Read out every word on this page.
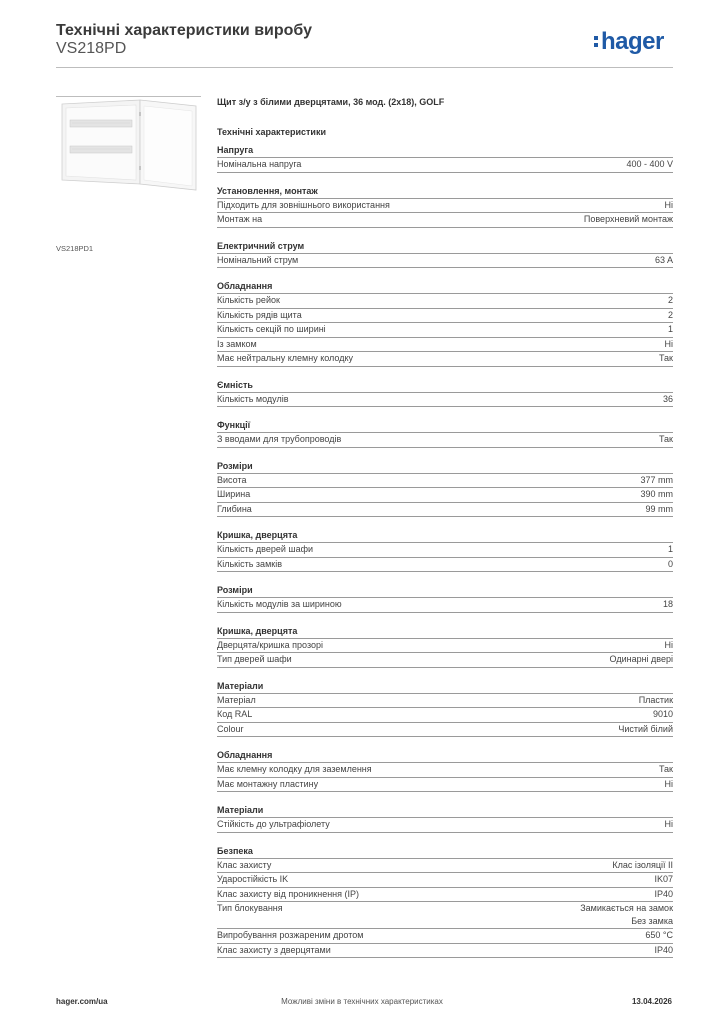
Технічні характеристики виробу
VS218PD	hager
VS218PD1
Щит з/у з білими дверцятами, 36 мод. (2х18), GOLF
Технічні характеристики
Напруга
Номінальна напруга	400 - 400 V
Установлення, монтаж
Підходить для зовнішнього використання	Ні
Монтаж на	Поверхневий монтаж
Електричний струм
Номінальний струм	63 A
Обладнання
Кількість рейок	2
Кількість рядів щита	2
Кількість секцій по ширині	1
Із замком	Ні
Має нейтральну клемну колодку	Так
Ємність
Кількість модулів	36
Функції
З вводами для трубопроводів	Так
Розміри
Висота	377 mm
Ширина	390 mm
Глибина	99 mm
Кришка, дверцята
Кількість дверей шафи	1
Кількість замків	0
Розміри
Кількість модулів за шириною	18
Кришка, дверцята
Дверцята/кришка прозорі	Ні
Тип дверей шафи	Одинарні двері
Матеріали
Матеріал	Пластик
Код RAL	9010
Colour	Чистий білий
Обладнання
Має клемну колодку для заземлення	Так
Має монтажну пластину	Ні
Матеріали
Стійкість до ультрафіолету	Ні
Безпека
Клас захисту	Клас ізоляції II
Ударостійкість IK	IK07
Клас захисту від проникнення (IP)	IP40
Тип блокування	Замикається на замок
Без замка
Випробування розжареним дротом	650 °C
Клас захисту з дверцятами	IP40
hager.com/ua	Можливі зміни в технічних характеристиках	13.04.2026
